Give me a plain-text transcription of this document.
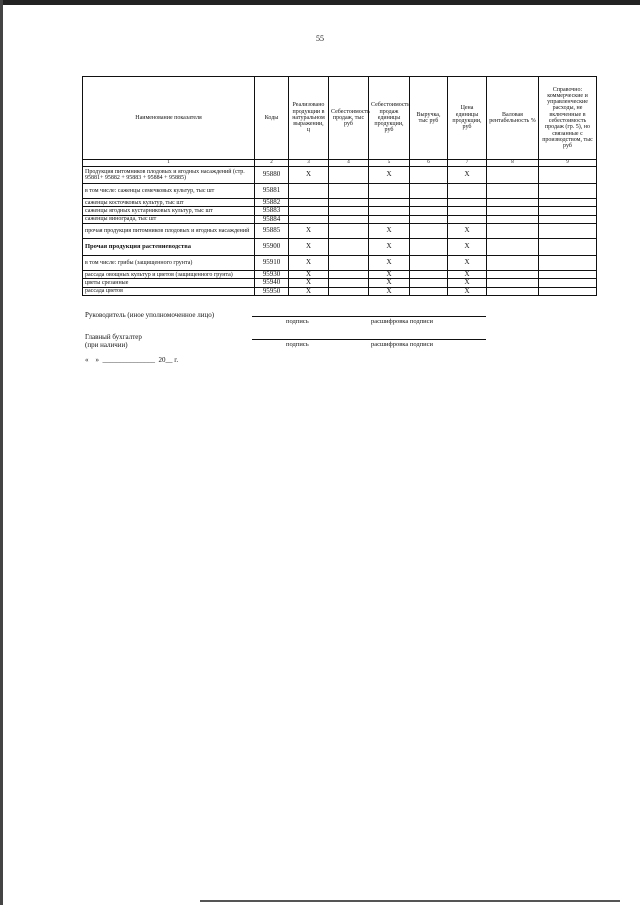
55
Наименование показателя	Коды	Реализовано продукции в натуральном выражении, ц	Себестоимость продаж, тыс руб	Себестоимость продаж единицы продукции, руб	Выручка, тыс руб	Цена единицы продукции, руб	Валовая рентабельность %	Справочно: коммерческие и управленческие расходы, не включенные в себестоимость продаж (гр. 5), но связанные с производством, тыс руб
1	2	3	4	5	6	7	8	9
Продукция питомников плодовых и ягодных насаждений (стр. 95881+ 95882 + 95883 + 95884 + 95885)	95880	Х		Х		Х		
в том числе: саженцы семечковых культур, тыс шт	95881							
саженцы косточковых культур, тыс шт	95882							
саженцы ягодных кустарниковых культур, тыс шт	95883							
саженцы винограда, тыс шт	95884							
прочая продукция питомников плодовых и ягодных насаждений	95885	Х		Х		Х		
Прочая продукция растениеводства	95900	Х		Х		Х		
в том числе: грибы (защищенного грунта)	95910	Х		Х		Х		
рассада овощных культур и цветов (защищенного грунта)	95930	Х		Х		Х		
цветы срезанные	95940	Х		Х		Х		
рассада цветов	95950	Х		Х		Х		
Руководитель (иное уполномоченное лицо)
подпись	расшифровка подписи
Главный бухгалтер
(при наличии)	подпись	расшифровка подписи
«    »  _______________  20__ г.
